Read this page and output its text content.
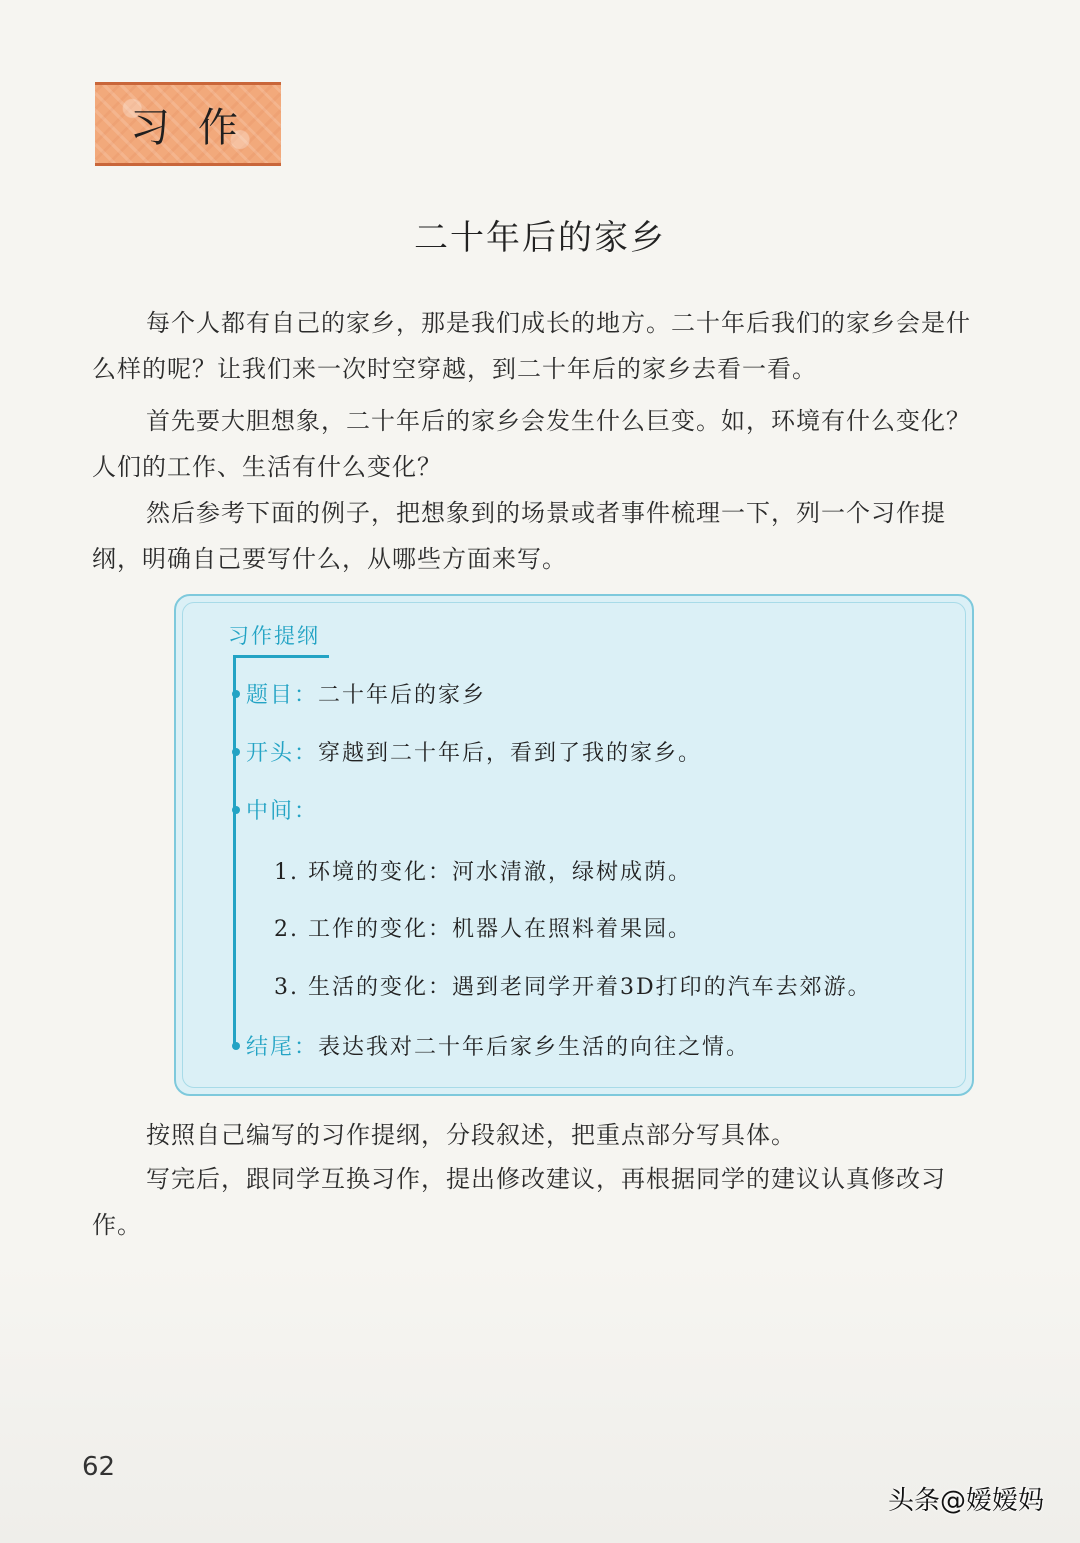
习作
二十年后的家乡

每个人都有自己的家乡，那是我们成长的地方。二十年后我们的家乡会是什么样的呢？让我们来一次时空穿越，到二十年后的家乡去看一看。

首先要大胆想象，二十年后的家乡会发生什么巨变。如，环境有什么变化？人们的工作、生活有什么变化？

然后参考下面的例子，把想象到的场景或者事件梳理一下，列一个习作提纲，明确自己要写什么，从哪些方面来写。

习作提纲
题目： 二十年后的家乡
开头： 穿越到二十年后，看到了我的家乡。
中间：
1. 环境的变化：河水清澈，绿树成荫。
2. 工作的变化：机器人在照料着果园。
3. 生活的变化：遇到老同学开着3D打印的汽车去郊游。
结尾： 表达我对二十年后家乡生活的向往之情。

按照自己编写的习作提纲，分段叙述，把重点部分写具体。

写完后，跟同学互换习作，提出修改建议，再根据同学的建议认真修改习作。

62
头条@嫒嫒妈
